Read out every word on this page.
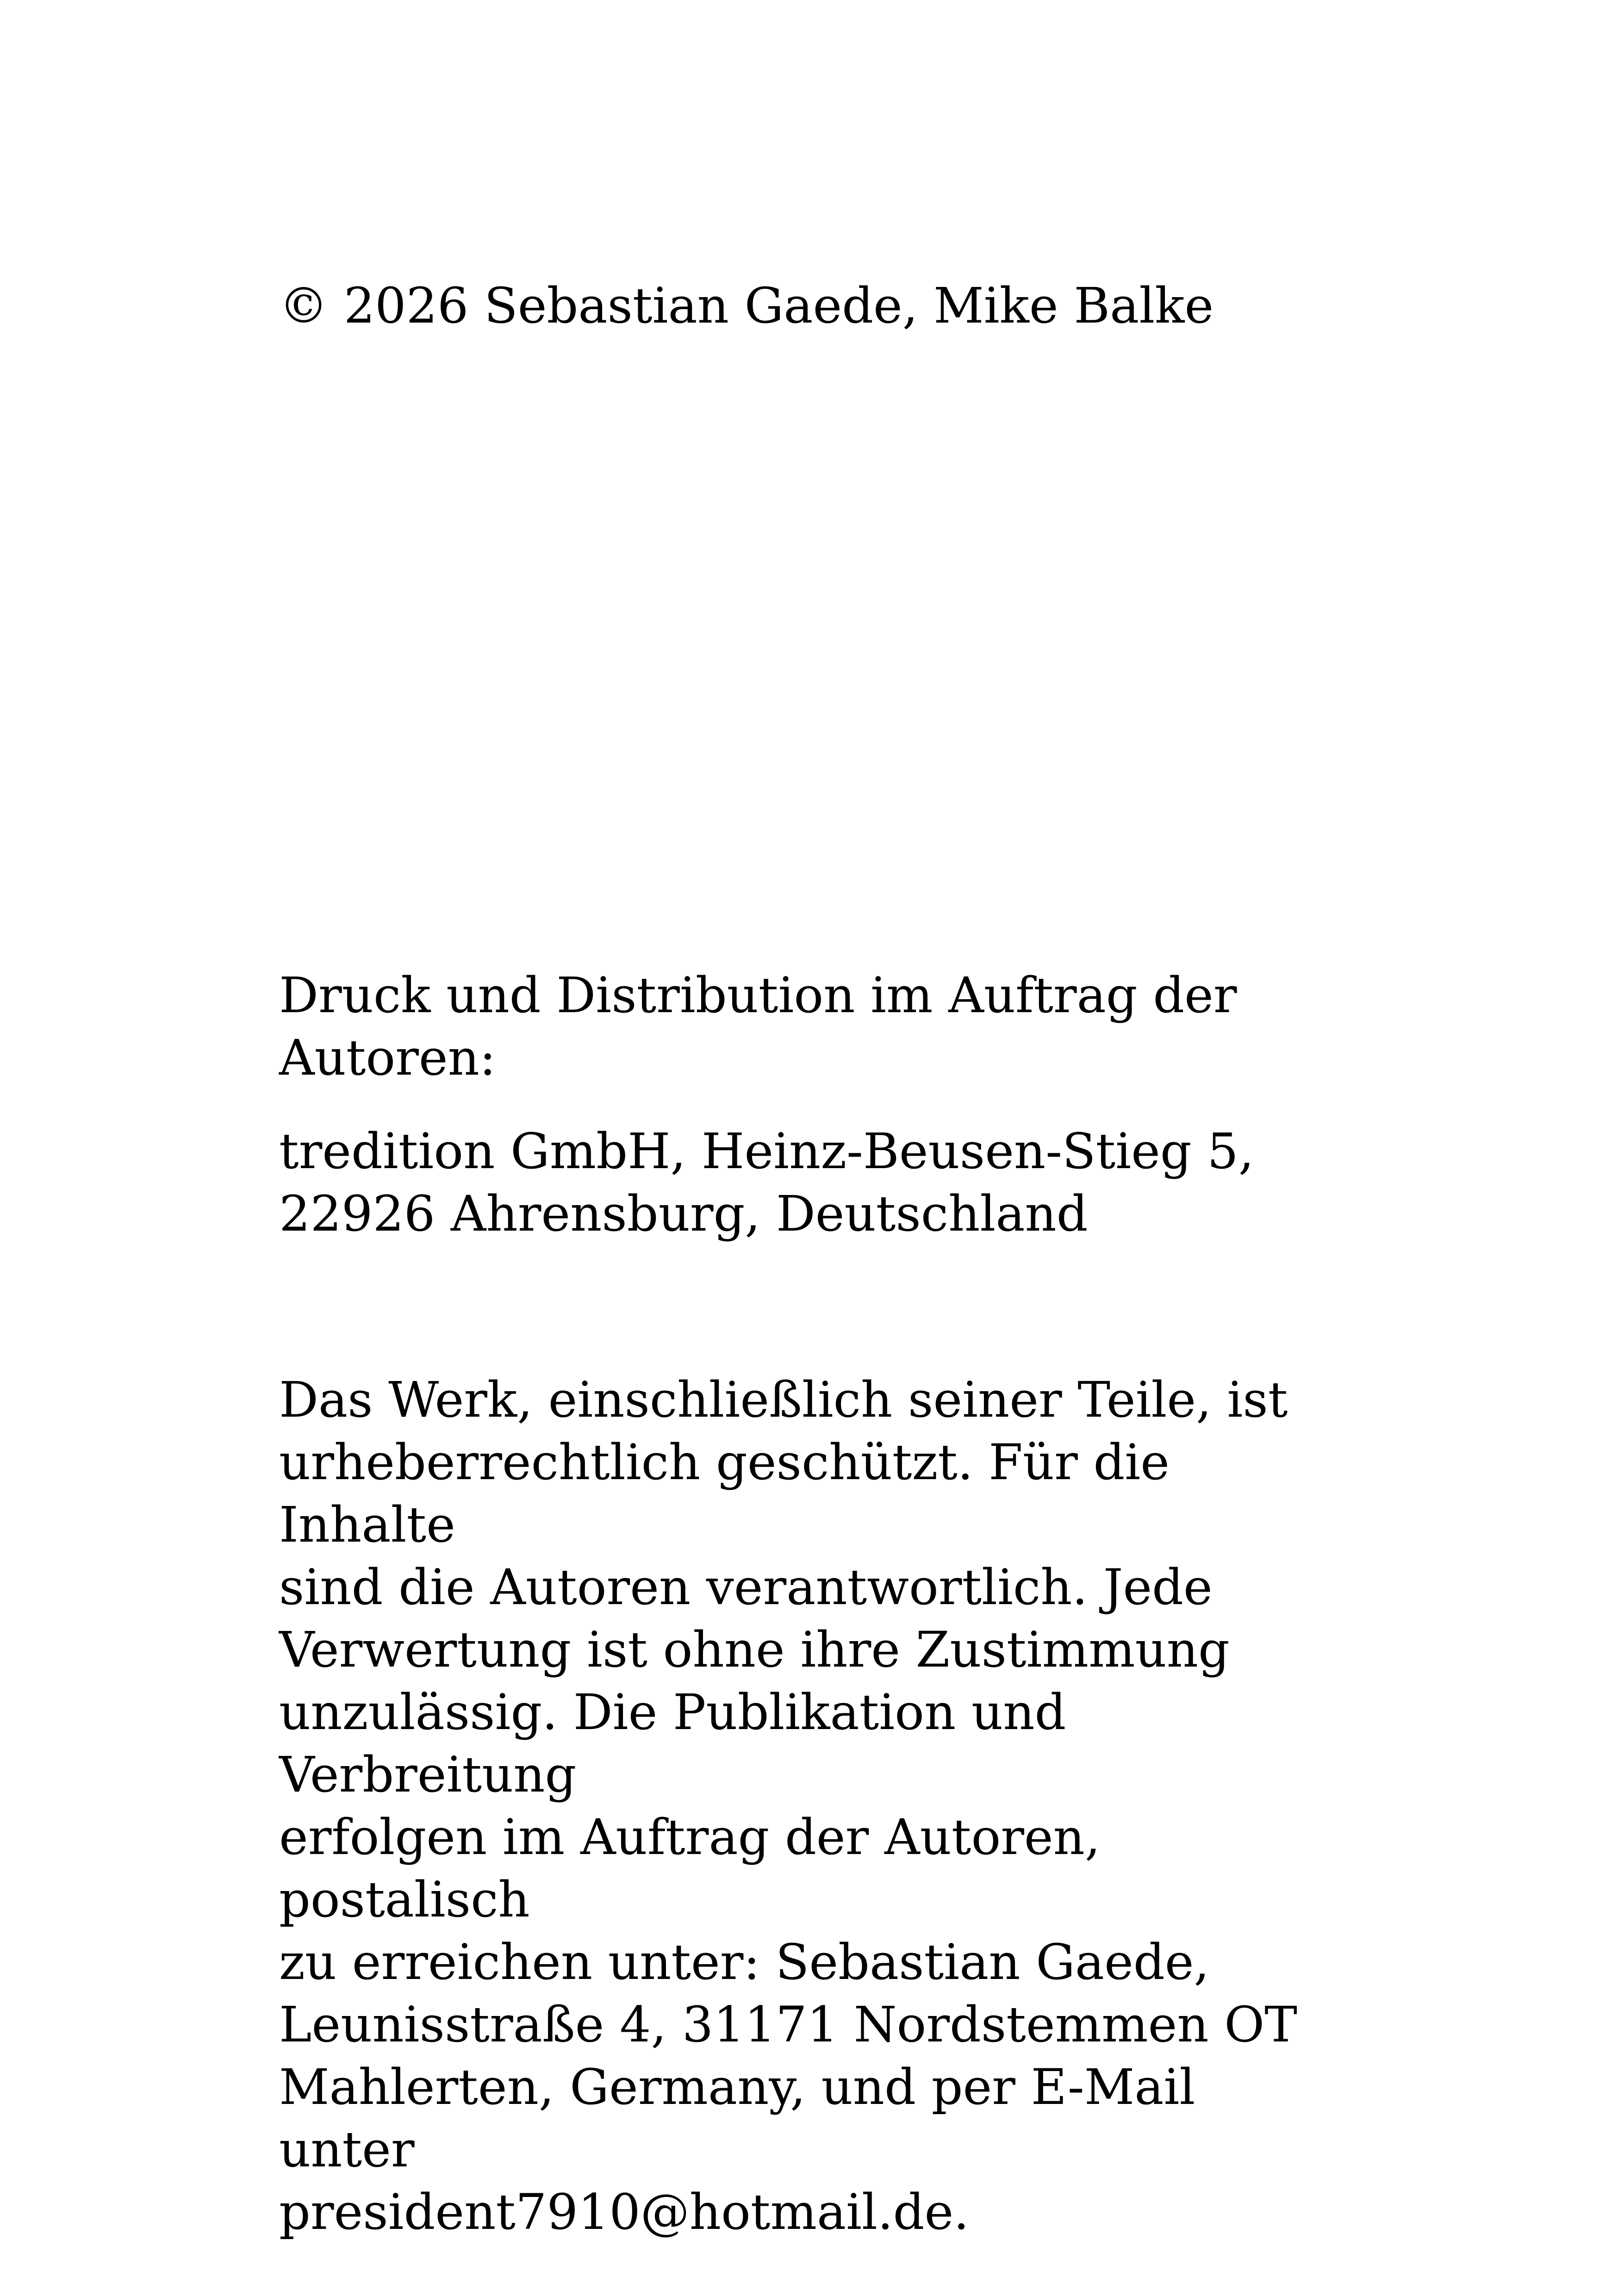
© 2026 Sebastian Gaede, Mike Balke

Druck und Distribution im Auftrag der
Autoren:

tredition GmbH, Heinz-Beusen-Stieg 5,
22926 Ahrensburg, Deutschland

Das Werk, einschließlich seiner Teile, ist
urheberrechtlich geschützt. Für die Inhalte
sind die Autoren verantwortlich. Jede
Verwertung ist ohne ihre Zustimmung
unzulässig. Die Publikation und Verbreitung
erfolgen im Auftrag der Autoren, postalisch
zu erreichen unter: Sebastian Gaede,
Leunisstraße 4, 31171 Nordstemmen OT
Mahlerten, Germany, und per E-Mail unter
president7910@hotmail.de.
